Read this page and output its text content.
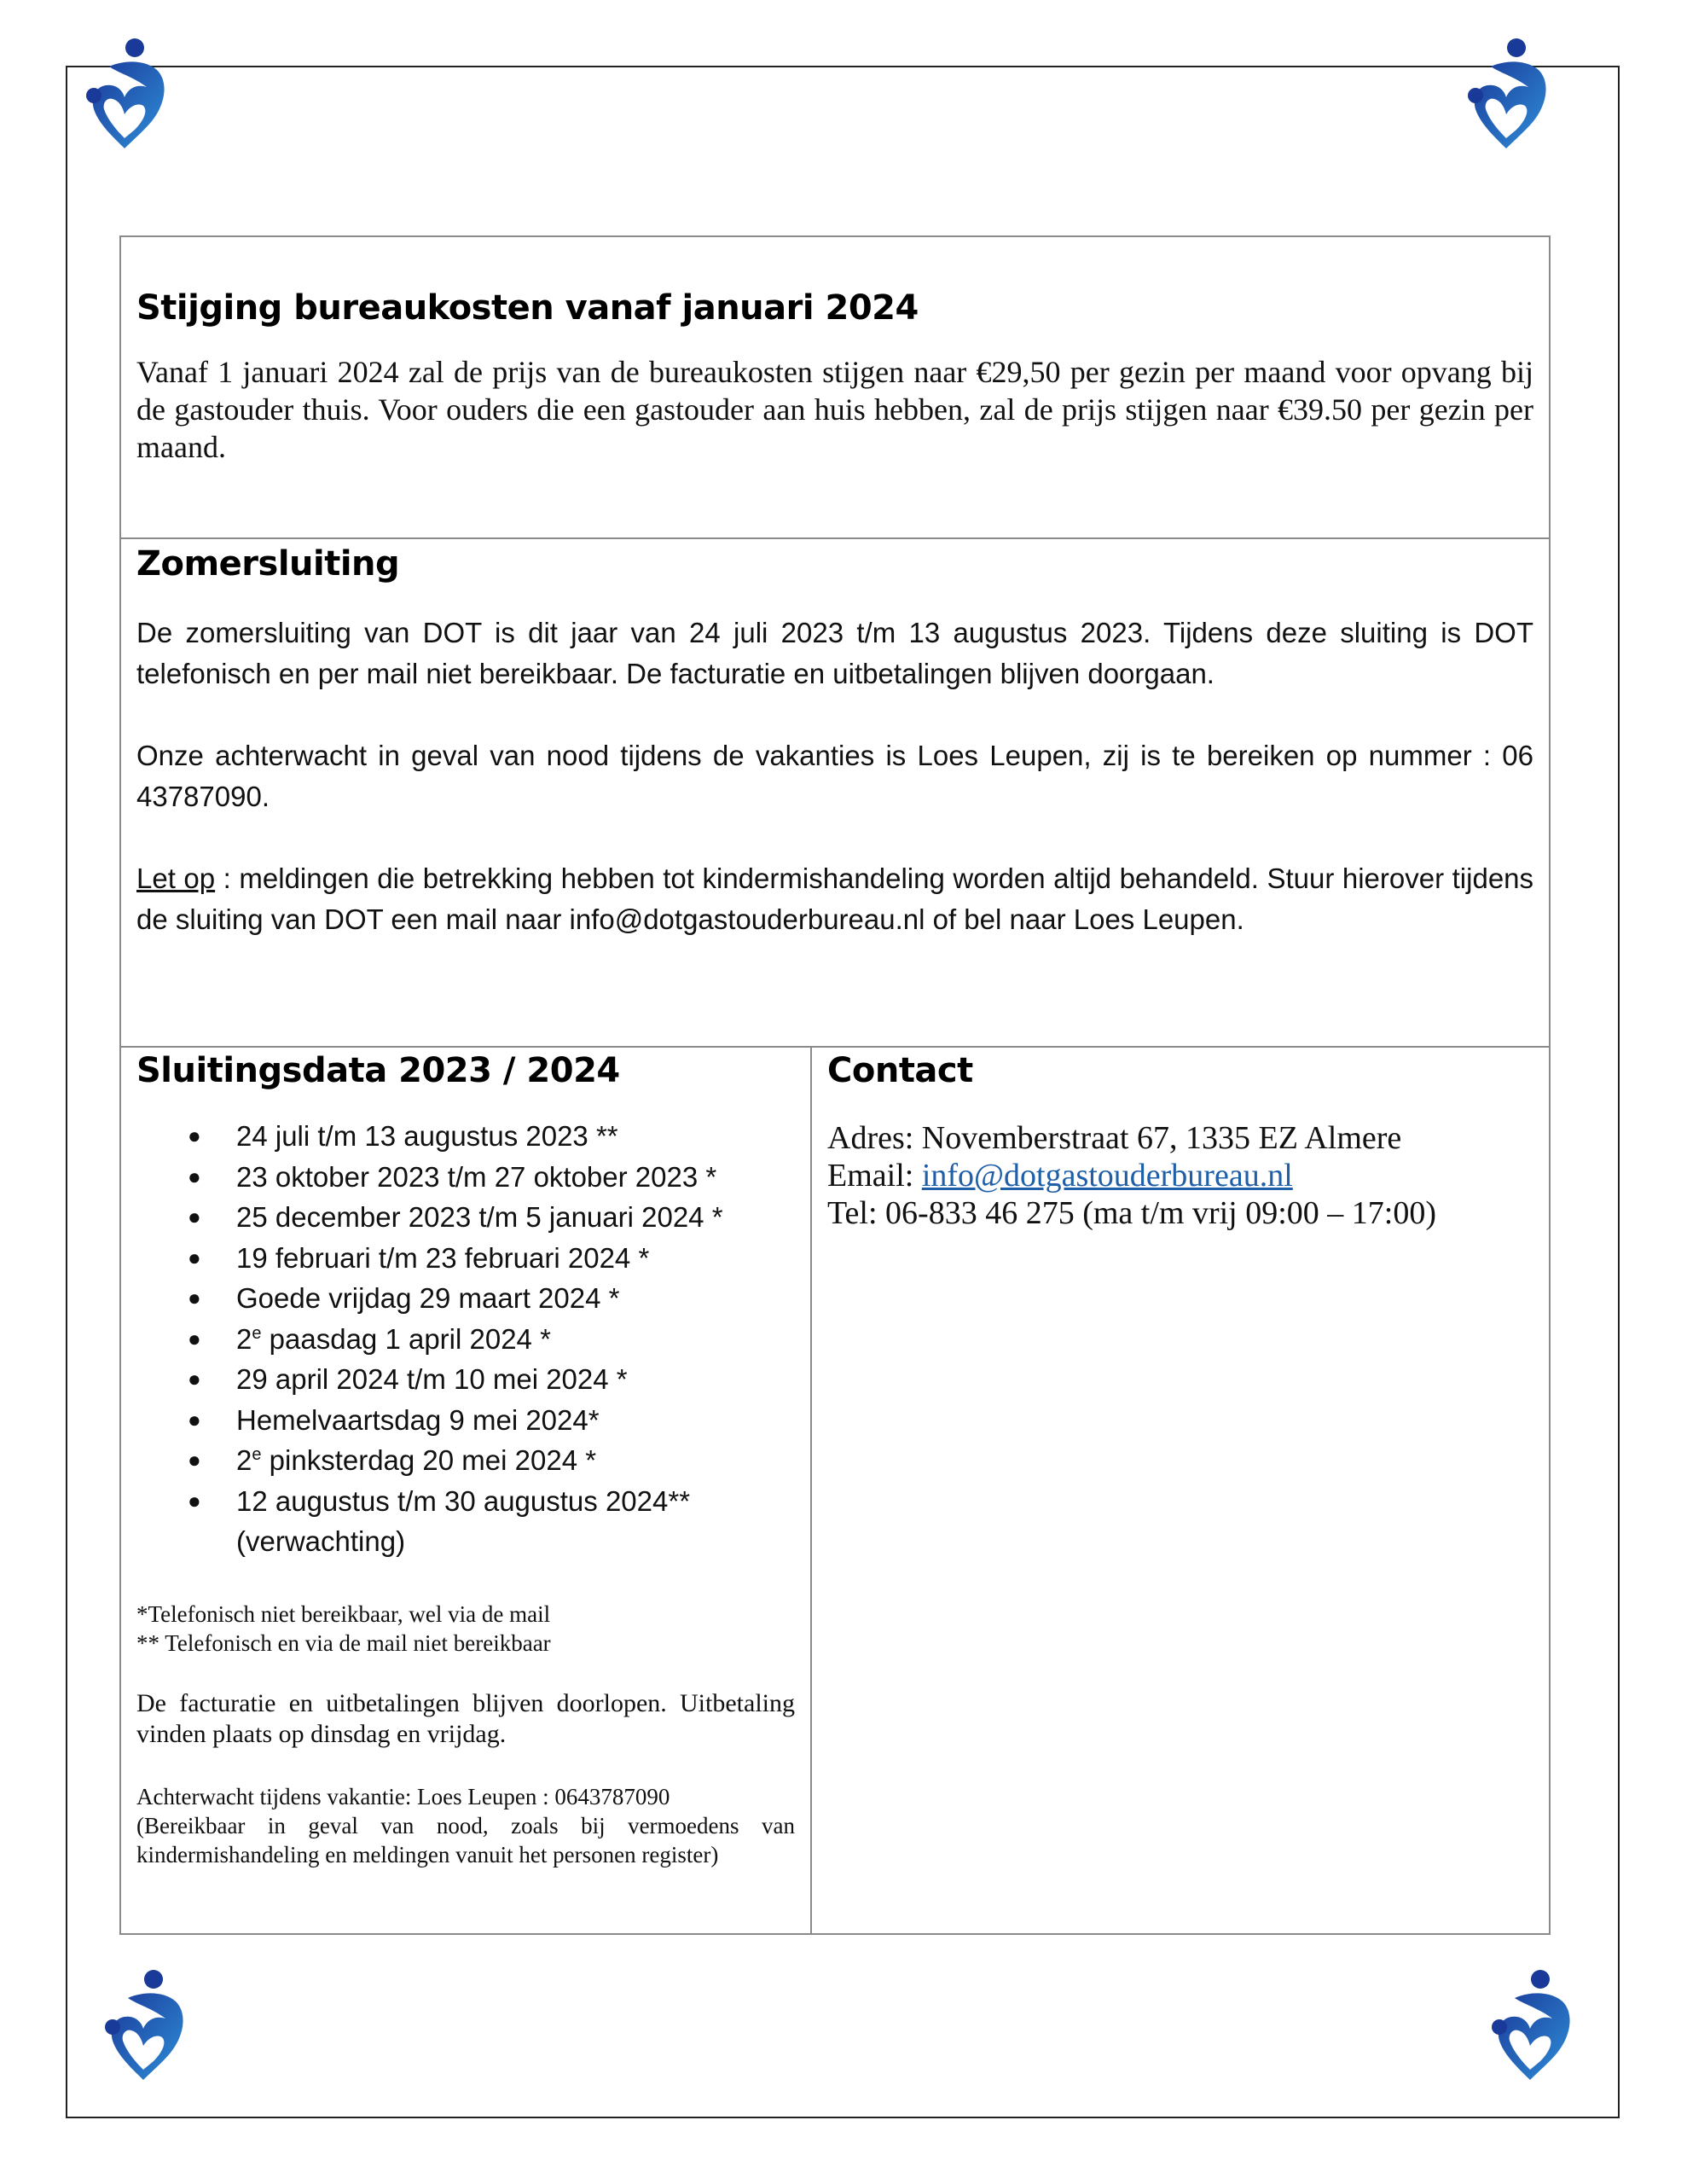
Stijging bureaukosten vanaf januari 2024

Vanaf 1 januari 2024 zal de prijs van de bureaukosten stijgen naar €29,50 per gezin per maand voor opvang bij de gastouder thuis. Voor ouders die een gastouder aan huis hebben, zal de prijs stijgen naar €39.50 per gezin per maand.

Zomersluiting

De zomersluiting van DOT is dit jaar van 24 juli 2023 t/m 13 augustus 2023. Tijdens deze sluiting is DOT telefonisch en per mail niet bereikbaar. De facturatie en uitbetalingen blijven doorgaan.

Onze achterwacht in geval van nood tijdens de vakanties is Loes Leupen, zij is te bereiken op nummer : 06 43787090.

Let op : meldingen die betrekking hebben tot kindermishandeling worden altijd behandeld. Stuur hierover tijdens de sluiting van DOT een mail naar info@dotgastouderbureau.nl of bel naar Loes Leupen.

Sluitingsdata 2023 / 2024
● 24 juli t/m 13 augustus 2023 **
● 23 oktober 2023 t/m 27 oktober 2023 *
● 25 december 2023 t/m 5 januari 2024 *
● 19 februari t/m 23 februari 2024 *
● Goede vrijdag 29 maart 2024 *
● 2e paasdag 1 april 2024 *
● 29 april 2024 t/m 10 mei 2024 *
● Hemelvaartsdag 9 mei 2024*
● 2e pinksterdag 20 mei 2024 *
● 12 augustus t/m 30 augustus 2024** (verwachting)

*Telefonisch niet bereikbaar, wel via de mail

** Telefonisch en via de mail niet bereikbaar

De facturatie en uitbetalingen blijven doorlopen. Uitbetaling vinden plaats op dinsdag en vrijdag.

Achterwacht tijdens vakantie: Loes Leupen : 0643787090

(Bereikbaar in geval van nood, zoals bij vermoedens van kindermishandeling en meldingen vanuit het personen register)

Contact

Adres: Novemberstraat 67, 1335 EZ Almere

Email: info@dotgastouderbureau.nl

Tel: 06-833 46 275 (ma t/m vrij 09:00 – 17:00)
